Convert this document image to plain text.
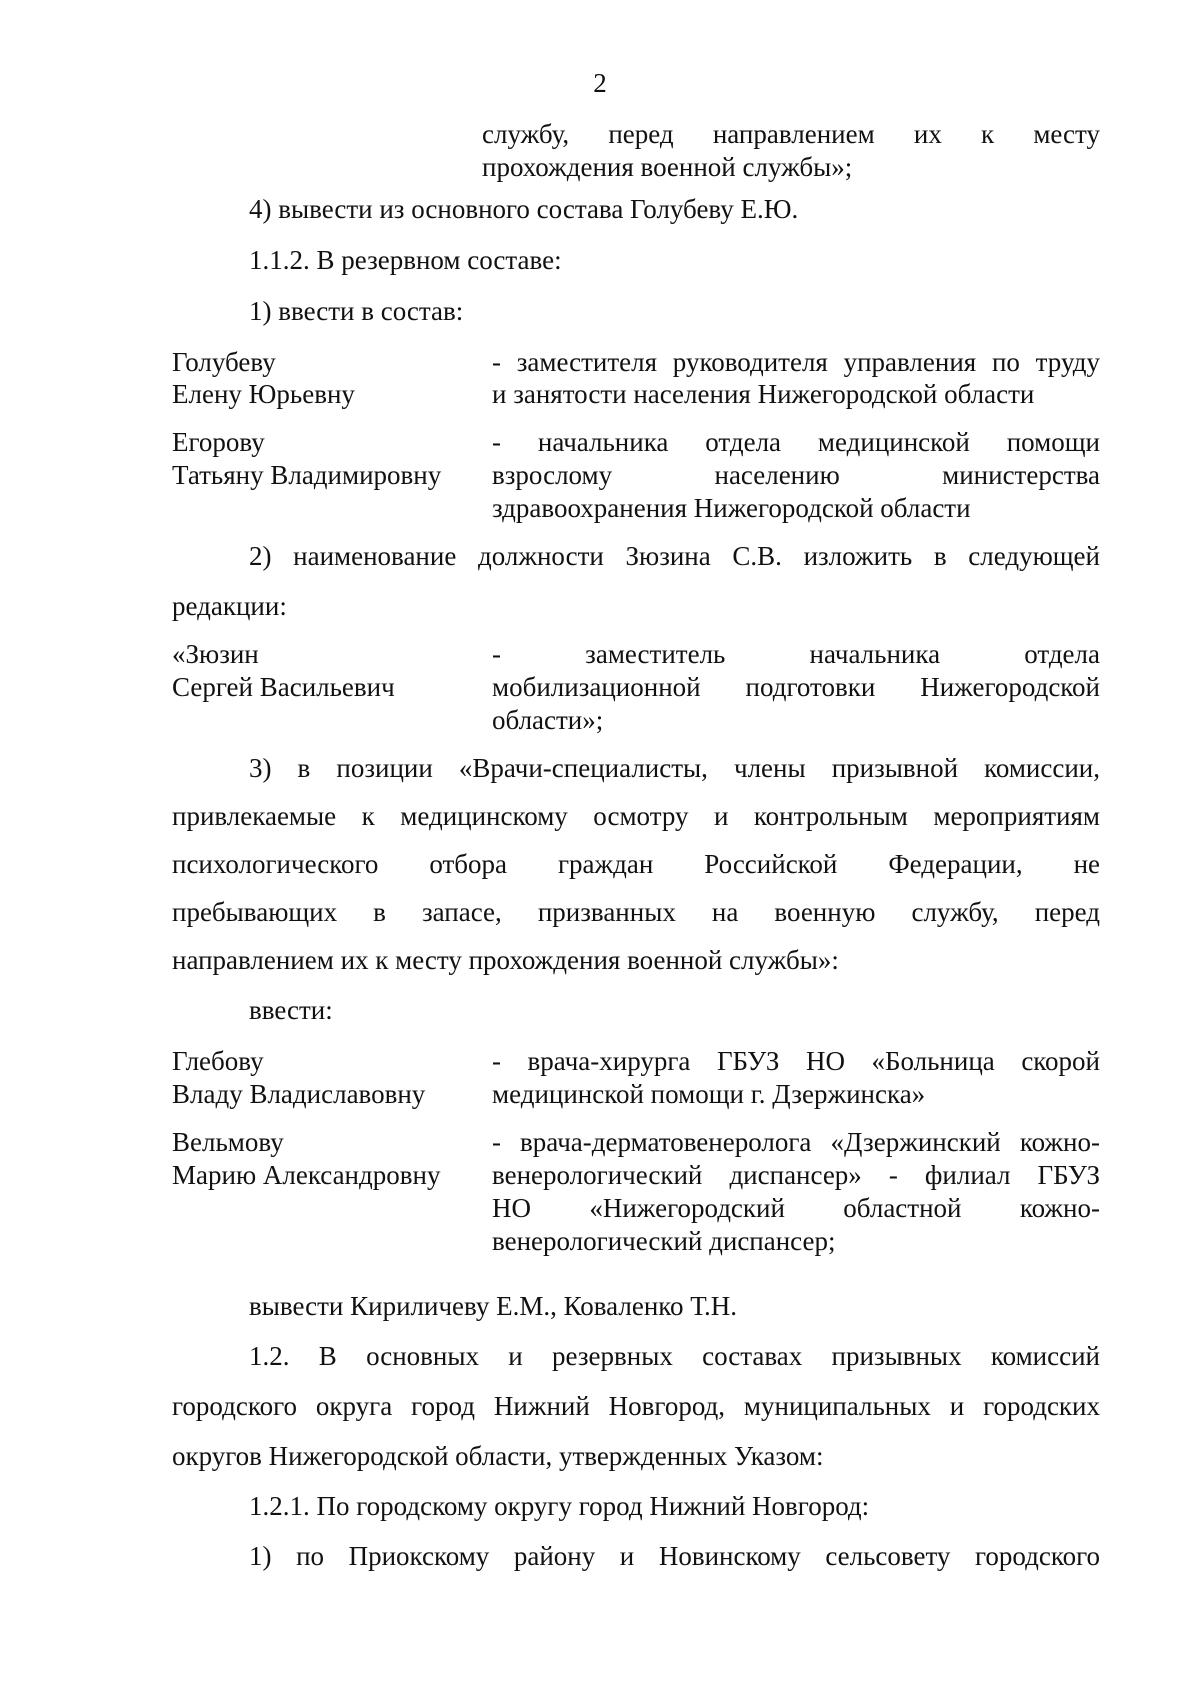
2
службу, перед направлением их к месту
прохождения военной службы»;
4) вывести из основного состава Голубеву Е.Ю.
1.1.2. В резервном составе:
1) ввести в состав:
Голубеву
Елену Юрьевну
- заместителя руководителя управления по труду
и занятости населения Нижегородской области
Егорову
Татьяну Владимировну
- начальника отдела медицинской помощи
взрослому населению министерства
здравоохранения Нижегородской области
2) наименование должности Зюзина С.В. изложить в следующей
редакции:
«Зюзин
Сергей Васильевич
- заместитель начальника отдела
мобилизационной подготовки Нижегородской
области»;
3) в позиции «Врачи-специалисты, члены призывной комиссии,
привлекаемые к медицинскому осмотру и контрольным мероприятиям
психологического отбора граждан Российской Федерации, не
пребывающих в запасе, призванных на военную службу, перед
направлением их к месту прохождения военной службы»:
ввести:
Глебову
Владу Владиславовну
- врача-хирурга ГБУЗ НО «Больница скорой
медицинской помощи г. Дзержинска»
Вельмову
Марию Александровну
- врача-дерматовенеролога «Дзержинский кожно-
венерологический диспансер» - филиал ГБУЗ
НО «Нижегородский областной кожно-
венерологический диспансер;
вывести Кириличеву Е.М., Коваленко Т.Н.
1.2. В основных и резервных составах призывных комиссий
городского округа город Нижний Новгород, муниципальных и городских
округов Нижегородской области, утвержденных Указом:
1.2.1. По городскому округу город Нижний Новгород:
1) по Приокскому району и Новинскому сельсовету городского
